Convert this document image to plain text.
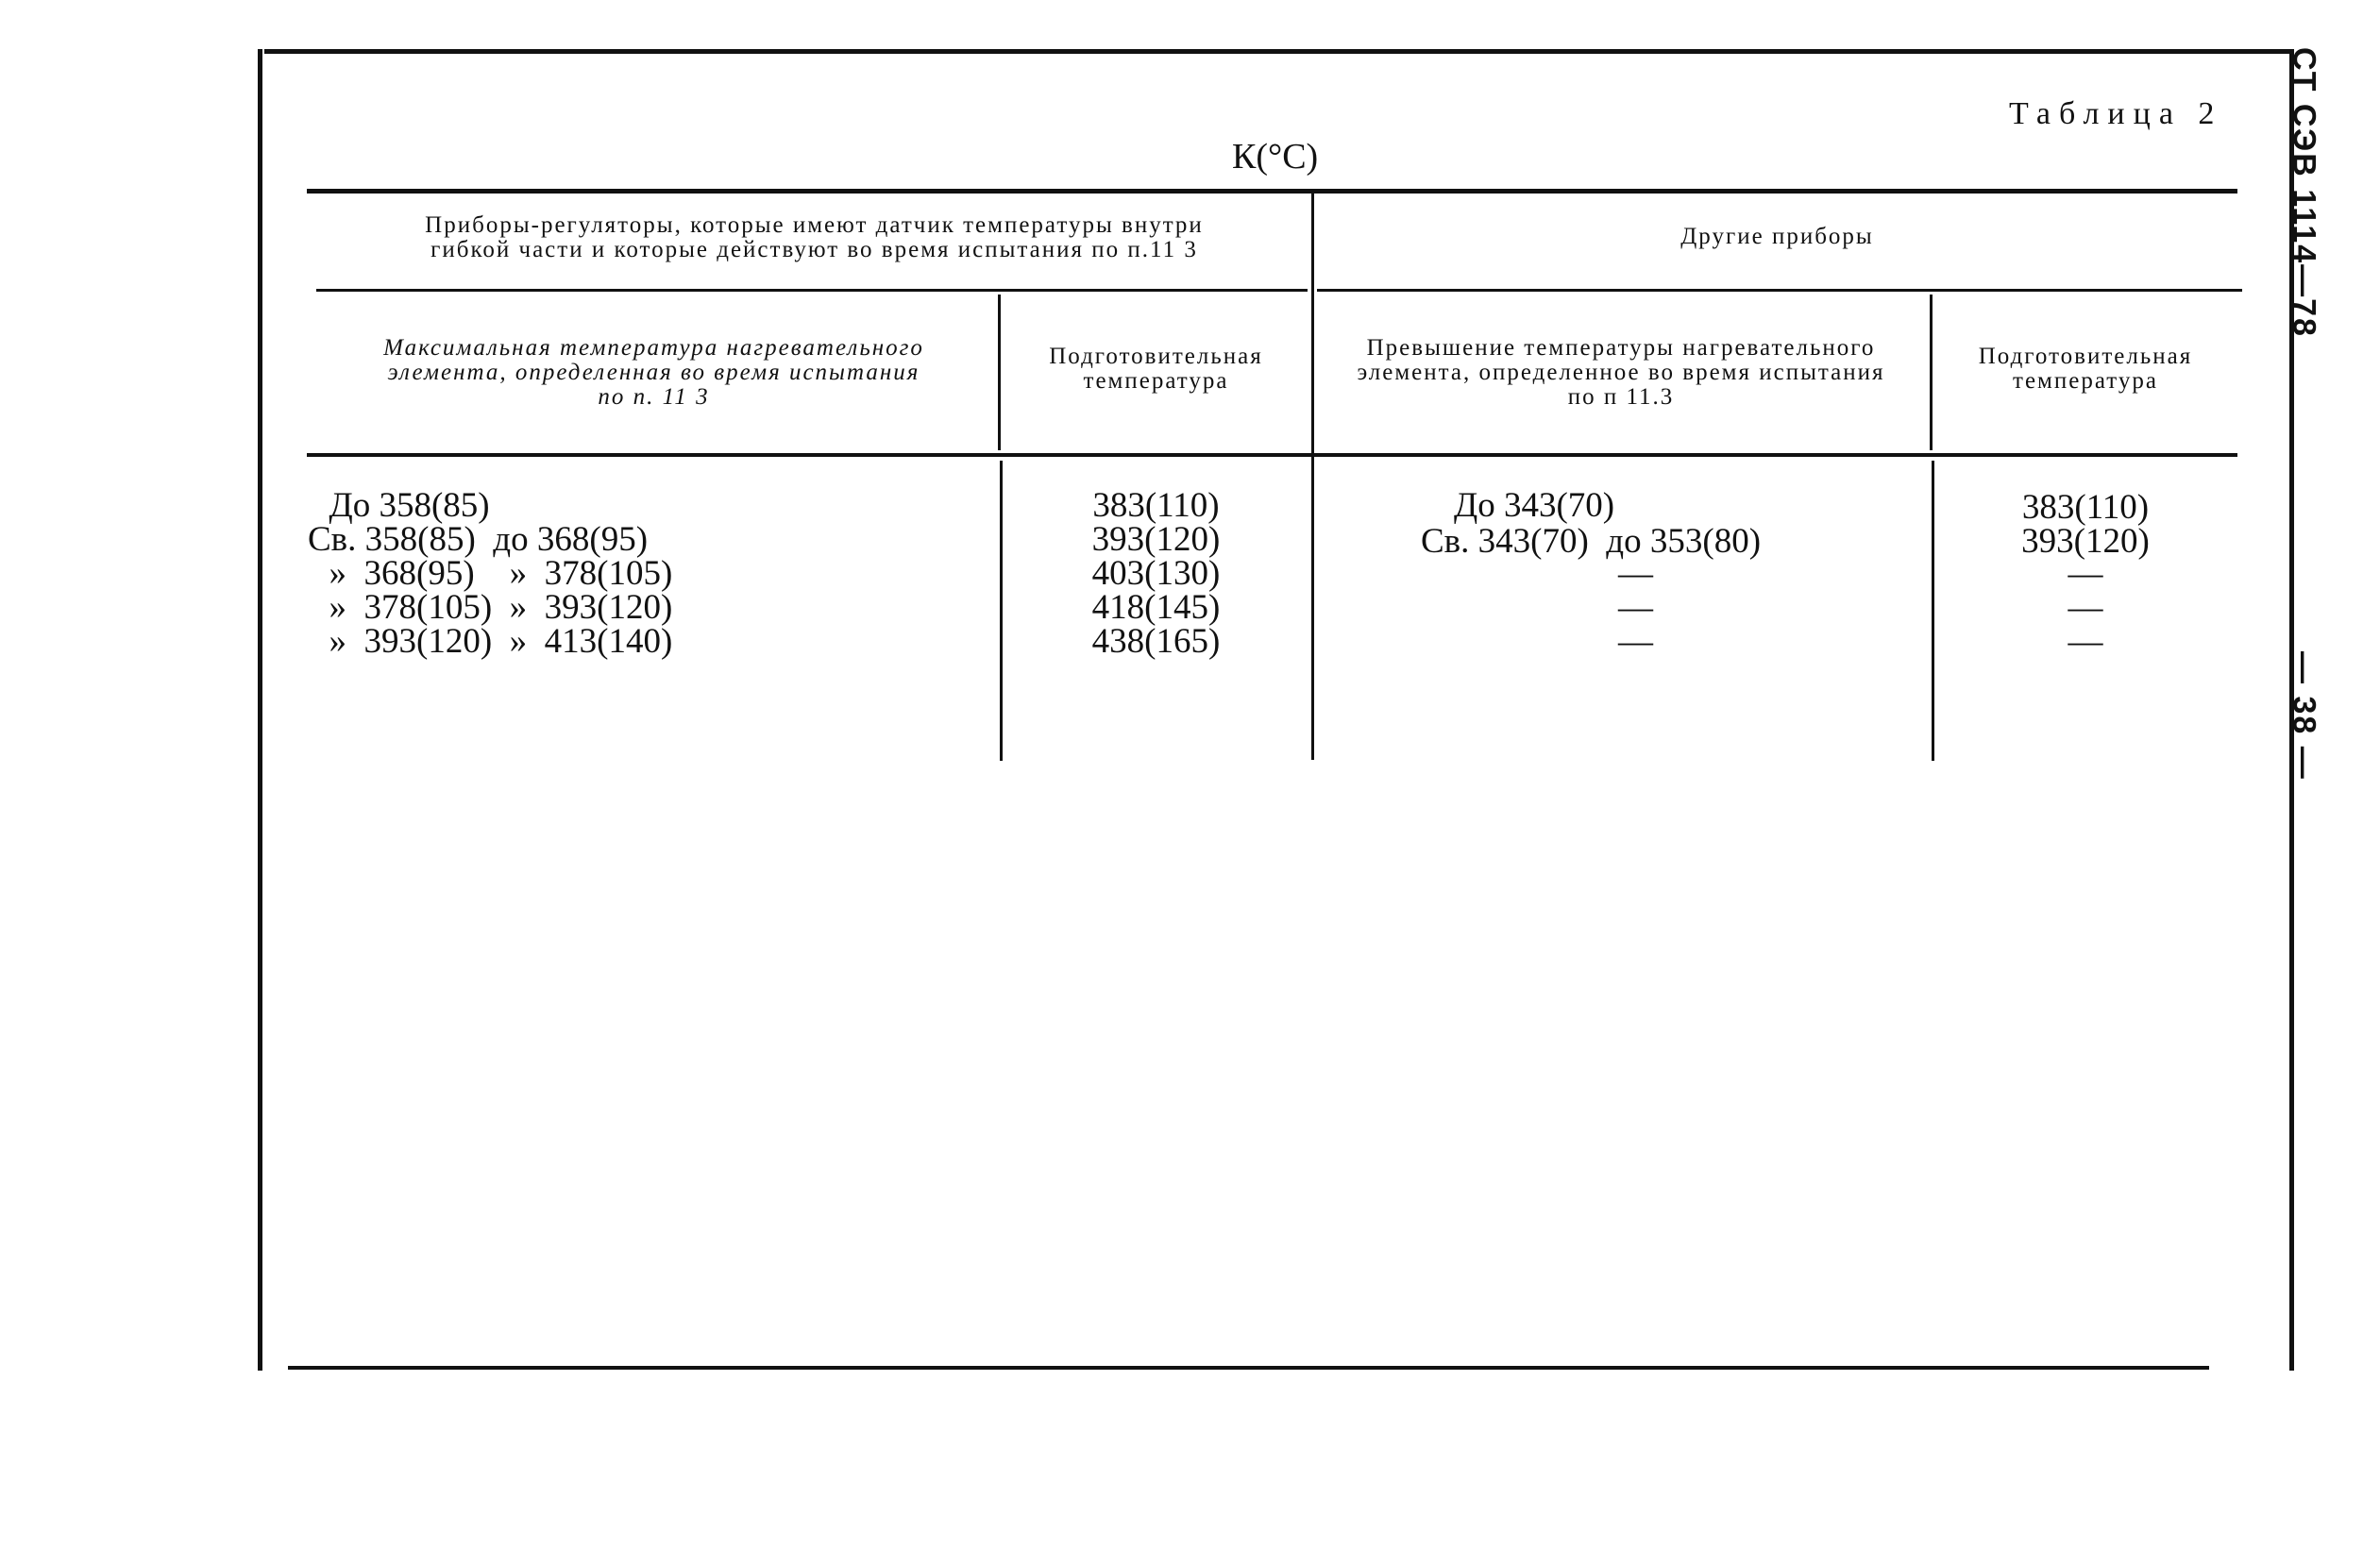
Таблица 2
К(°С)
Приборы-регуляторы, которые имеют датчик температуры внутри
гибкой части и которые действуют во время испытания по п.11 3
Другие приборы
Максимальная температура нагревательного
элемента, определенная во время испытания
по п. 11 3
Подготовительная
температура
Превышение температуры нагревательного
элемента, определенное во время испытания
по п 11.3
Подготовительная
температура
До 358(85)	383(110)	До 343(70)	383(110)
Св. 358(85)  до 368(95)	393(120)	Св. 343(70)  до 353(80)	393(120)
»  368(95)    »  378(105)	403(130)	—	—
»  378(105)  »  393(120)	418(145)	—	—
»  393(120)  »  413(140)	438(165)	—	—
СТ СЭВ 1114—78
— 38 —
